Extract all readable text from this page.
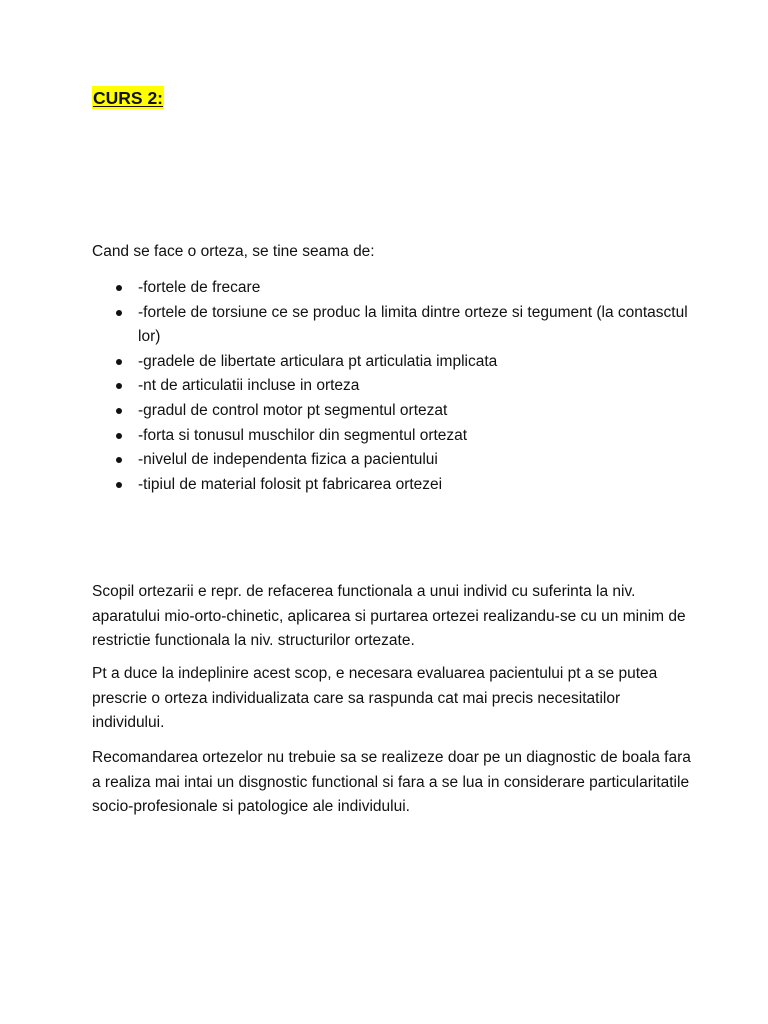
CURS 2:
Cand se face o orteza, se tine seama de:
-fortele de frecare
-fortele de torsiune ce se produc la limita dintre orteze si tegument (la contasctul lor)
-gradele de libertate articulara pt articulatia implicata
-nt de articulatii incluse in orteza
-gradul de control motor pt segmentul ortezat
-forta si tonusul muschilor din segmentul ortezat
-nivelul de independenta fizica a pacientului
-tipiul de material folosit pt fabricarea ortezei

Scopil ortezarii e repr. de refacerea functionala a unui individ cu suferinta la niv. aparatului mio-orto-chinetic, aplicarea si purtarea ortezei realizandu-se cu un minim de restrictie functionala la niv. structurilor ortezate.

Pt a duce la indeplinire acest scop, e necesara evaluarea pacientului pt a se putea prescrie o orteza individualizata care sa raspunda cat mai precis necesitatilor individului.

Recomandarea ortezelor nu trebuie sa se realizeze doar pe un diagnostic de boala fara a realiza mai intai un disgnostic functional si fara a se lua in considerare particularitatile socio-profesionale si patologice ale individului.
